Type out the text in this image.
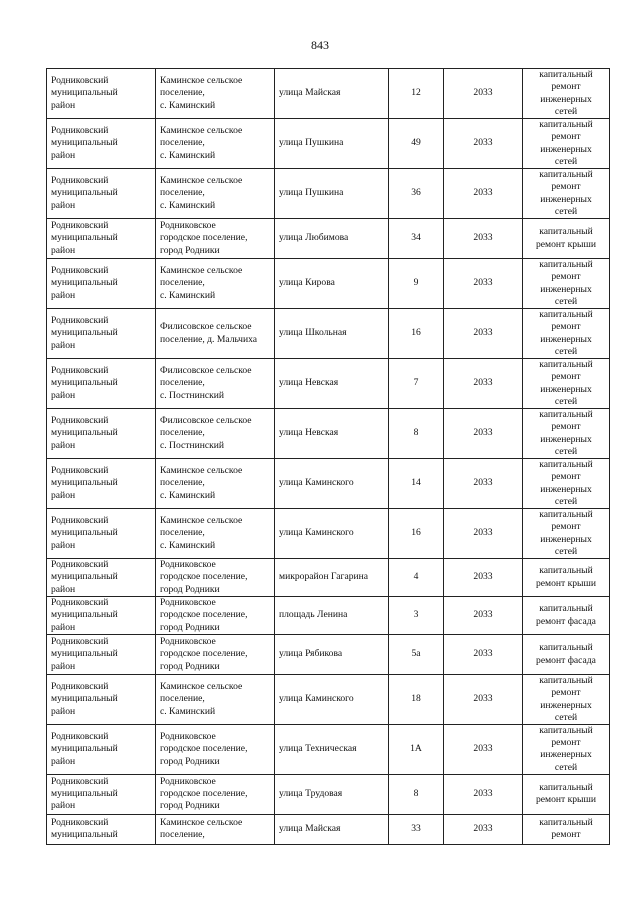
843
Родниковский
муниципальный
район	Каминское сельское
поселение,
с. Каминский	улица Майская	12	2033	капитальный
ремонт
инженерных
сетей

Родниковский
муниципальный
район	Каминское сельское
поселение,
с. Каминский	улица Пушкина	49	2033	капитальный
ремонт
инженерных
сетей

Родниковский
муниципальный
район	Каминское сельское
поселение,
с. Каминский	улица Пушкина	36	2033	капитальный
ремонт
инженерных
сетей

Родниковский
муниципальный
район	Родниковское
городское поселение,
город Родники	улица Любимова	34	2033	капитальный
ремонт крыши

Родниковский
муниципальный
район	Каминское сельское
поселение,
с. Каминский	улица Кирова	9	2033	капитальный
ремонт
инженерных
сетей

Родниковский
муниципальный
район	Филисовское сельское
поселение, д. Мальчиха	улица Школьная	16	2033	капитальный
ремонт
инженерных
сетей

Родниковский
муниципальный
район	Филисовское сельское
поселение,
с. Постнинский	улица Невская	7	2033	капитальный
ремонт
инженерных
сетей

Родниковский
муниципальный
район	Филисовское сельское
поселение,
с. Постнинский	улица Невская	8	2033	капитальный
ремонт
инженерных
сетей

Родниковский
муниципальный
район	Каминское сельское
поселение,
с. Каминский	улица Каминского	14	2033	капитальный
ремонт
инженерных
сетей

Родниковский
муниципальный
район	Каминское сельское
поселение,
с. Каминский	улица Каминского	16	2033	капитальный
ремонт
инженерных
сетей

Родниковский
муниципальный
район	Родниковское
городское поселение,
город Родники	микрорайон Гагарина	4	2033	капитальный
ремонт крыши

Родниковский
муниципальный
район	Родниковское
городское поселение,
город Родники	площадь Ленина	3	2033	капитальный
ремонт фасада

Родниковский
муниципальный
район	Родниковское
городское поселение,
город Родники	улица Рябикова	5а	2033	капитальный
ремонт фасада

Родниковский
муниципальный
район	Каминское сельское
поселение,
с. Каминский	улица Каминского	18	2033	капитальный
ремонт
инженерных
сетей

Родниковский
муниципальный
район	Родниковское
городское поселение,
город Родники	улица Техническая	1А	2033	капитальный
ремонт
инженерных
сетей

Родниковский
муниципальный
район	Родниковское
городское поселение,
город Родники	улица Трудовая	8	2033	капитальный
ремонт крыши

Родниковский
муниципальный	Каминское сельское
поселение,	улица Майская	33	2033	капитальный
ремонт
